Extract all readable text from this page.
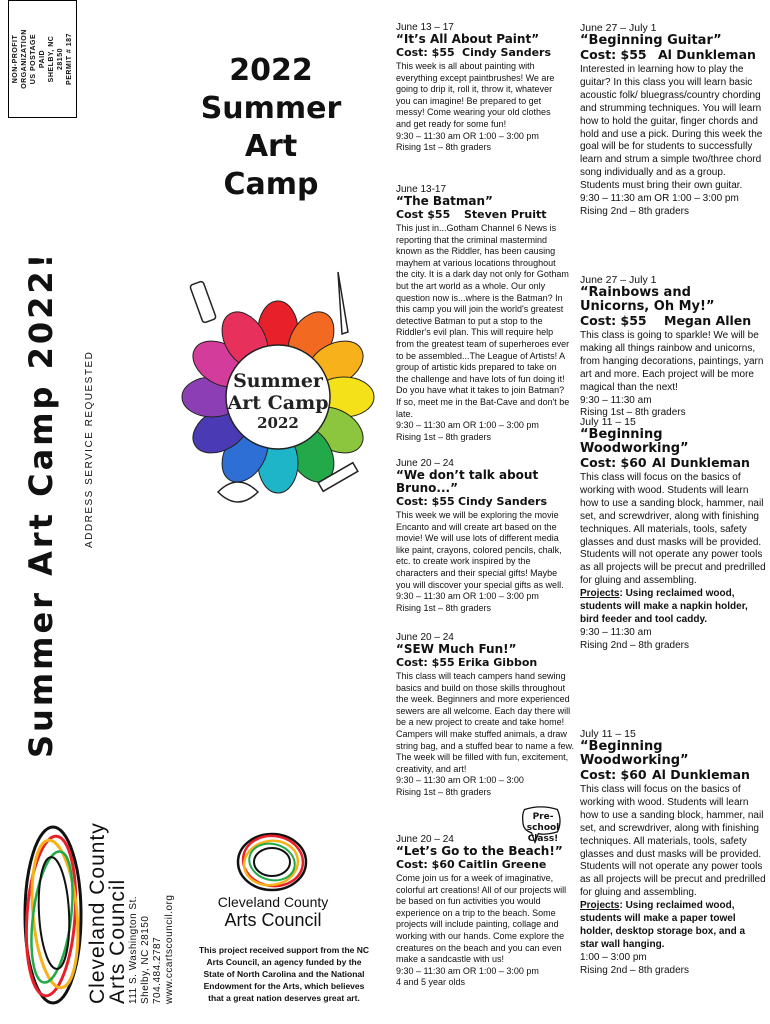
NON-PROFIT ORGANIZATION US POSTAGE PAID SHELBY, NC 28150 PERMIT # 187
Summer Art Camp 2022! ADDRESS SERVICE REQUESTED
Cleveland County
Arts Council 111 S. Washington St. Shelby, NC 28150 704.484.2787 www.ccartscouncil.org
2022
Summer Art
Camp
Summer
Art Camp
2022
Cleveland County
Arts Council
This project received support from the NC Arts Council, an agency funded by the State of North Carolina and the National Endowment for the Arts, which believes that a great nation deserves great art.
June 13 – 17
“It’s All About Paint”
Cost: $55 Cindy Sanders
This week is all about painting with everything except paintbrushes! We are going to drip it, roll it, throw it, whatever you can imagine! Be prepared to get messy! Come wearing your old clothes and get ready for some fun!
9:30 – 11:30 am OR 1:00 – 3:00 pm
Rising 1st – 8th graders
June 13-17
“The Batman”
Cost $55	Steven Pruitt
This just in...Gotham Channel 6 News is reporting that the criminal mastermind known as the Riddler, has been causing mayhem at various locations throughout the city. It is a dark day not only for Gotham but the art world as a whole. Our only question now is...where is the Batman? In this camp you will join the world's greatest detective Batman to put a stop to the Riddler's evil plan. This will require help from the greatest team of superheroes ever to be assembled...The League of Artists! A group of artistic kids prepared to take on the challenge and have lots of fun doing it! Do you have what it takes to join Batman? If so, meet me in the Bat-Cave and don't be late.
9:30 – 11:30 am OR 1:00 – 3:00 pm
Rising 1st – 8th graders
June 20 – 24
“We don’t talk about Bruno...”
Cost: $55 Cindy Sanders
This week we will be exploring the movie Encanto and will create art based on the movie! We will use lots of different media like paint, crayons, colored pencils, chalk, etc. to create work inspired by the characters and their special gifts! Maybe you will discover your special gifts as well.
9:30 – 11:30 am OR 1:00 – 3:00 pm
Rising 1st – 8th graders
June 20 – 24
“SEW Much Fun!”
Cost: $55 Erika Gibbon
This class will teach campers hand sewing basics and build on those skills throughout the week. Beginners and more experienced sewers are all welcome. Each day there will be a new project to create and take home! Campers will make stuffed animals, a draw string bag, and a stuffed bear to name a few. The week will be filled with fun, excitement, creativity, and art!
9:30 – 11:30 am OR 1:00 – 3:00
Rising 1st – 8th graders
June 20 – 24
“Let’s Go to the Beach!”
Cost: $60 Caitlin Greene
Come join us for a week of imaginative, colorful art creations! All of our projects will be based on fun activities you would experience on a trip to the beach. Some projects will include painting, collage and working with our hands. Come explore the creatures on the beach and you can even make a sandcastle with us!
9:30 – 11:30 am OR 1:00 – 3:00 pm
4 and 5 year olds
Pre-school Class!
June 27 – July 1
“Beginning Guitar”
Cost: $55 Al Dunkleman
Interested in learning how to play the guitar? In this class you will learn basic acoustic folk/ bluegrass/country chording and strumming techniques. You will learn how to hold the guitar, finger chords and hold and use a pick. During this week the goal will be for students to successfully learn and strum a simple two/three chord song individually and as a group. Students must bring their own guitar.
9:30 – 11:30 am OR 1:00 – 3:00 pm
Rising 2nd – 8th graders
June 27 – July 1
“Rainbows and Unicorns, Oh My!”
Cost: $55	Megan Allen
This class is going to sparkle! We will be making all things rainbow and unicorns, from hanging decorations, paintings, yarn art and more. Each project will be more magical than the next!
9:30 – 11:30 am
Rising 1st – 8th graders
July 11 – 15
“Beginning Woodworking”
Cost: $60 Al Dunkleman
This class will focus on the basics of working with wood. Students will learn how to use a sanding block, hammer, nail set, and screwdriver, along with finishing techniques. All materials, tools, safety glasses and dust masks will be provided. Students will not operate any power tools as all projects will be precut and predrilled for gluing and assembling.
Projects: Using reclaimed wood, students will make a napkin holder, bird feeder and tool caddy.
9:30 – 11:30 am
Rising 2nd – 8th graders
July 11 – 15
“Beginning Woodworking”
Cost: $60 Al Dunkleman
This class will focus on the basics of working with wood. Students will learn how to use a sanding block, hammer, nail set, and screwdriver, along with finishing techniques. All materials, tools, safety glasses and dust masks will be provided. Students will not operate any power tools as all projects will be precut and predrilled for gluing and assembling.
Projects: Using reclaimed wood, students will make a paper towel holder, desktop storage box, and a star wall hanging.
1:00 – 3:00 pm
Rising 2nd – 8th graders
